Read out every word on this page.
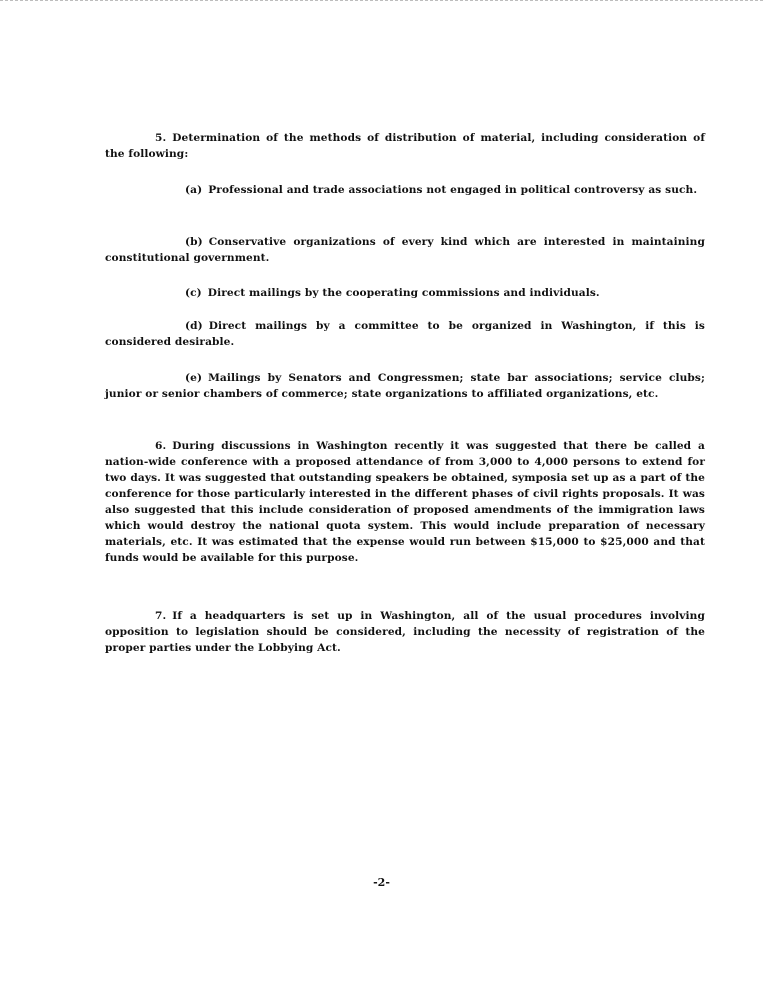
5. Determination of the methods of distribution of material, including consideration of the following:

(a) Professional and trade associations not engaged in political controversy as such.

(b) Conservative organizations of every kind which are interested in maintaining constitutional government.

(c) Direct mailings by the cooperating commissions and individuals.

(d) Direct mailings by a committee to be organized in Washington, if this is considered desirable.

(e) Mailings by Senators and Congressmen; state bar associations; service clubs; junior or senior chambers of commerce; state organizations to affiliated organizations, etc.

6. During discussions in Washington recently it was suggested that there be called a nation-wide conference with a proposed attendance of from 3,000 to 4,000 persons to extend for two days. It was suggested that outstanding speakers be obtained, symposia set up as a part of the conference for those particularly interested in the different phases of civil rights proposals. It was also suggested that this include consideration of proposed amendments of the immigration laws which would destroy the national quota system. This would include preparation of necessary materials, etc. It was estimated that the expense would run between $15,000 to $25,000 and that funds would be available for this purpose.

7. If a headquarters is set up in Washington, all of the usual procedures involving opposition to legislation should be considered, including the necessity of registration of the proper parties under the Lobbying Act.

-2-
